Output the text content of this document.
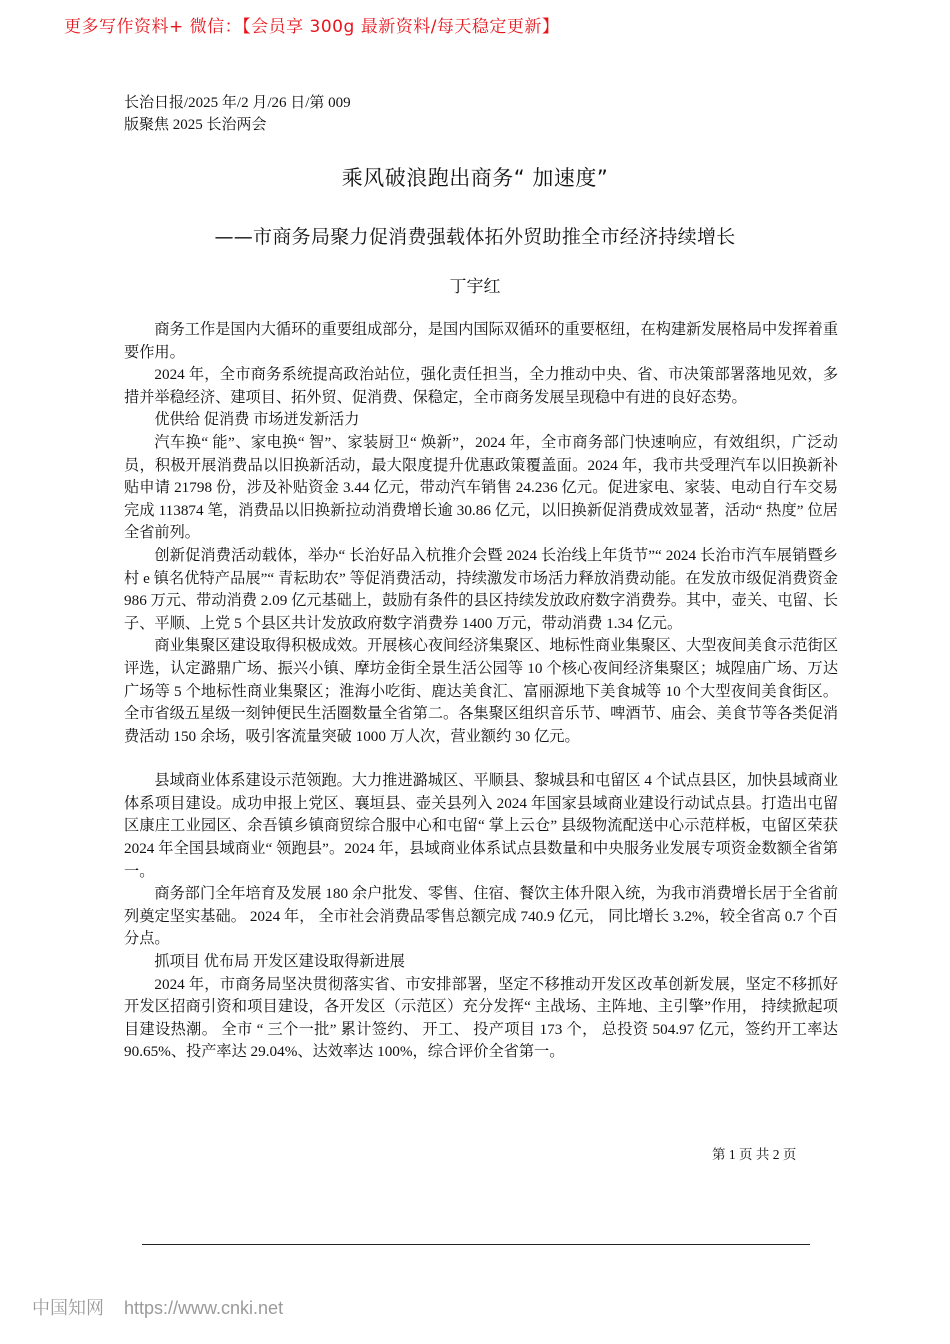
更多写作资料+ 微信：【会员享 300g 最新资料/每天稳定更新】
长治日报/2025 年/2 月/26 日/第 009
版聚焦 2025 长治两会
乘风破浪跑出商务“ 加速度”
——市商务局聚力促消费强载体拓外贸助推全市经济持续增长
丁宇红

商务工作是国内大循环的重要组成部分，是国内国际双循环的重要枢纽，在构建新发展格局中发挥着重要作用。

2024 年，全市商务系统提高政治站位，强化责任担当，全力推动中央、省、市决策部署落地见效，多措并举稳经济、建项目、拓外贸、促消费、保稳定，全市商务发展呈现稳中有进的良好态势。

优供给 促消费 市场迸发新活力

汽车换“ 能”、家电换“ 智”、家装厨卫“ 焕新”，2024 年，全市商务部门快速响应，有效组织，广泛动员，积极开展消费品以旧换新活动，最大限度提升优惠政策覆盖面。2024 年，我市共受理汽车以旧换新补贴申请 21798 份，涉及补贴资金 3.44 亿元，带动汽车销售 24.236 亿元。促进家电、家装、电动自行车交易完成 113874 笔，消费品以旧换新拉动消费增长逾 30.86 亿元，以旧换新促消费成效显著，活动“ 热度” 位居全省前列。

创新促消费活动载体，举办“ 长治好品入杭推介会暨 2024 长治线上年货节”“ 2024 长治市汽车展销暨乡村 e 镇名优特产品展”“ 青耘助农” 等促消费活动，持续激发市场活力释放消费动能。在发放市级促消费资金 986 万元、带动消费 2.09 亿元基础上，鼓励有条件的县区持续发放政府数字消费券。其中，壶关、屯留、长子、平顺、上党 5 个县区共计发放政府数字消费券 1400 万元，带动消费 1.34 亿元。

商业集聚区建设取得积极成效。开展核心夜间经济集聚区、地标性商业集聚区、大型夜间美食示范街区评选，认定潞鼎广场、振兴小镇、摩坊金街全景生活公园等 10 个核心夜间经济集聚区；城隍庙广场、万达广场等 5 个地标性商业集聚区；淮海小吃街、鹿达美食汇、富丽源地下美食城等 10 个大型夜间美食街区。全市省级五星级一刻钟便民生活圈数量全省第二。各集聚区组织音乐节、啤酒节、庙会、美食节等各类促消费活动 150 余场，吸引客流量突破 1000 万人次，营业额约 30 亿元。

县域商业体系建设示范领跑。大力推进潞城区、平顺县、黎城县和屯留区 4 个试点县区，加快县域商业体系项目建设。成功申报上党区、襄垣县、壶关县列入 2024 年国家县域商业建设行动试点县。打造出屯留区康庄工业园区、余吾镇乡镇商贸综合服中心和屯留“ 掌上云仓” 县级物流配送中心示范样板，屯留区荣获 2024 年全国县域商业“ 领跑县”。2024 年，县域商业体系试点县数量和中央服务业发展专项资金数额全省第一。

商务部门全年培育及发展 180 余户批发、零售、住宿、餐饮主体升限入统，为我市消费增长居于全省前列奠定坚实基础。 2024 年， 全市社会消费品零售总额完成 740.9 亿元， 同比增长 3.2%，较全省高 0.7 个百分点。

抓项目 优布局 开发区建设取得新进展

2024 年，市商务局坚决贯彻落实省、市安排部署，坚定不移推动开发区改革创新发展，坚定不移抓好开发区招商引资和项目建设，各开发区（示范区）充分发挥“ 主战场、主阵地、主引擎”作用， 持续掀起项目建设热潮。 全市 “ 三个一批” 累计签约、 开工、 投产项目 173 个， 总投资 504.97 亿元，签约开工率达 90.65%、投产率达 29.04%、达效率达 100%，综合评价全省第一。

第 1 页 共 2 页
中国知网 https://www.cnki.net
